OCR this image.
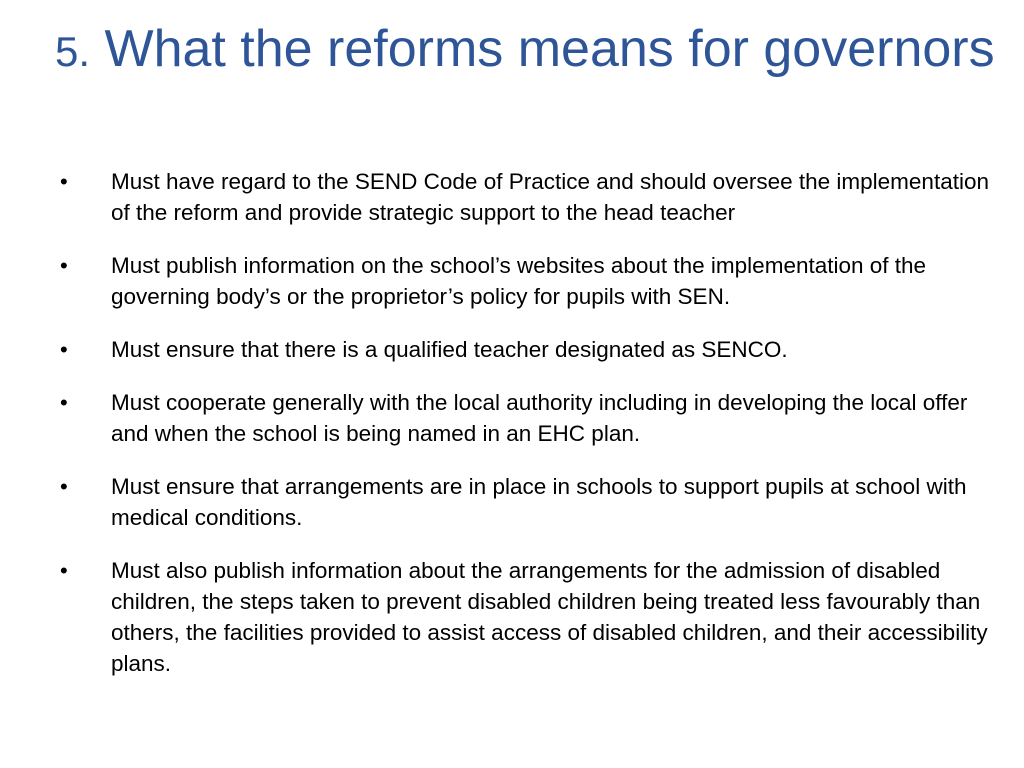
5. What the reforms means for governors
• Must have regard to the SEND Code of Practice and should oversee the implementation of the reform and provide strategic support to the head teacher
• Must publish information on the school’s websites about the implementation of the governing body’s or the proprietor’s policy for pupils with SEN.
• Must ensure that there is a qualified teacher designated as SENCO.
• Must cooperate generally with the local authority including in developing the local offer and when the school is being named in an EHC plan.
• Must ensure that arrangements are in place in schools to support pupils at school with medical conditions.
• Must also publish information about the arrangements for the admission of disabled children, the steps taken to prevent disabled children being treated less favourably than others, the facilities provided to assist access of disabled children, and their accessibility plans.
